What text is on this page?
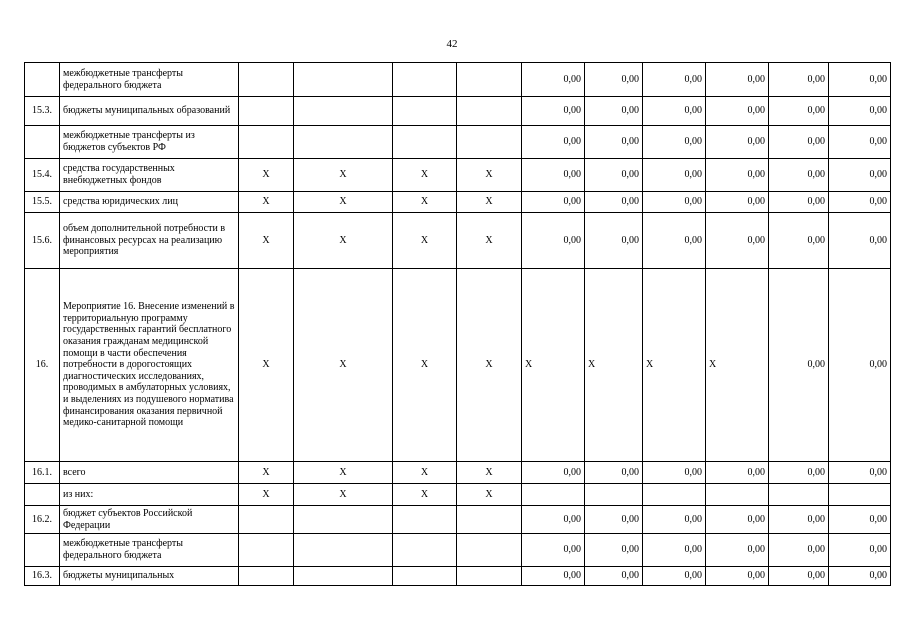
42
	межбюджетные трансферты федерального бюджета					0,00	0,00	0,00	0,00	0,00	0,00
15.3.	бюджеты муниципальных образований					0,00	0,00	0,00	0,00	0,00	0,00
	межбюджетные трансферты из бюджетов субъектов РФ					0,00	0,00	0,00	0,00	0,00	0,00
15.4.	средства государственных внебюджетных фондов	X	X	X	X	0,00	0,00	0,00	0,00	0,00	0,00
15.5.	средства юридических лиц	X	X	X	X	0,00	0,00	0,00	0,00	0,00	0,00
15.6.	объем дополнительной потребности в финансовых ресурсах на реализацию мероприятия	X	X	X	X	0,00	0,00	0,00	0,00	0,00	0,00
16.	Мероприятие 16. Внесение изменений в территориальную программу государственных гарантий бесплатного оказания гражданам медицинской помощи в части обеспечения потребности в дорогостоящих диагностических исследованиях, проводимых в амбулаторных условиях, и выделениях из подушевого норматива финансирования оказания первичной медико-санитарной помощи	X	X	X	X	X	X	X	X	0,00	0,00
16.1.	всего	X	X	X	X	0,00	0,00	0,00	0,00	0,00	0,00
	из них:	X	X	X	X						
16.2.	бюджет субъектов Российской Федерации					0,00	0,00	0,00	0,00	0,00	0,00
	межбюджетные трансферты федерального бюджета					0,00	0,00	0,00	0,00	0,00	0,00
16.3.	бюджеты муниципальных					0,00	0,00	0,00	0,00	0,00	0,00
